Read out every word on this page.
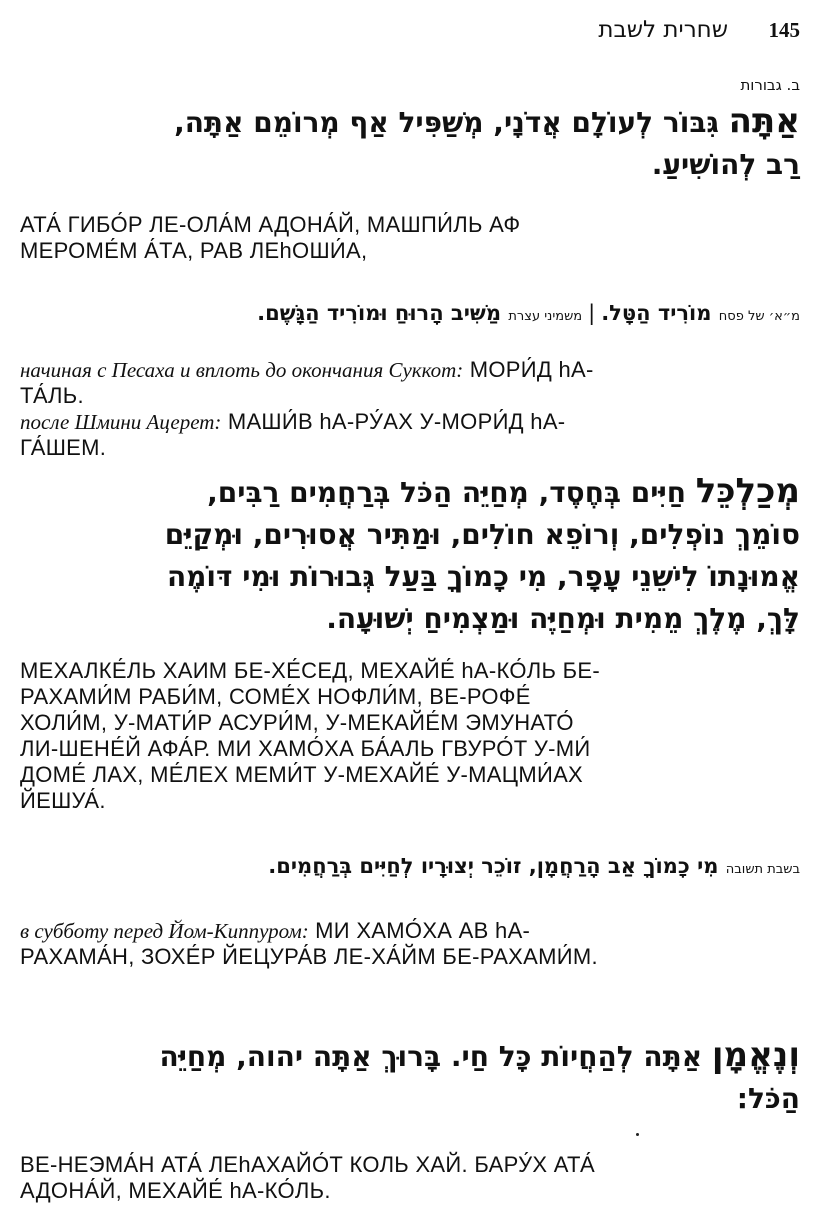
שחרית לשבת 145
ב. גבורות
אַתָּה גִּבּוֹר לְעוֹלָם אֲדֹנָי, מְשַׁפִּיל אַף מְרוֹמֵם אַתָּה,
רַב לְהוֹשִׁיעַ.
АТА́ ГИБО́Р ЛЕ-ОЛА́М АДОНА́Й, МАШПИ́ЛЬ АФ
МЕРОМЕ́М А́ТА, РАВ ЛЕhОШИ́А,
מ״א׳ של פסח מוֹרִיד הַטָּל.|משמיני עצרת מַשִּׁיב הָרוּחַ וּמוֹרִיד הַגָּשֶׁם.
начиная с Песаха и вплоть до окончания Суккот: МОРИ́Д hА-
ТА́ЛЬ.
после Шмини Ацерет: МАШИ́В hА-РУ́АХ У-МОРИ́Д hА-
ГА́ШЕМ.
מְכַלְכֵּל חַיִּים בְּחֶסֶד, מְחַיֵּה הַכֹּל בְּרַחֲמִים רַבִּים,
סוֹמֵךְ נוֹפְלִים, וְרוֹפֵא חוֹלִים, וּמַתִּיר אֲסוּרִים, וּמְקַיֵּם
אֱמוּנָתוֹ לִישֵׁנֵי עָפָר, מִי כָמוֹךָ בַּעַל גְּבוּרוֹת וּמִי דּוֹמֶה
לָּךְ, מֶלֶךְ מֵמִית וּמְחַיֶּה וּמַצְמִיחַ יְשׁוּעָה.
МЕХАЛКЕ́ЛЬ ХАИМ БЕ-ХЕ́СЕД, МЕХАЙЕ́ hА-КО́ЛЬ БЕ-
РАХАМИ́М РАБИ́М, СОМЕ́Х НОФЛИ́М, ВЕ-РОФЕ́
ХОЛИ́М, У-МАТИ́Р АСУРИ́М, У-МЕКАЙЕ́М ЭМУНАТО́
ЛИ-ШЕНЕ́Й АФА́Р. МИ ХАМО́ХА БА́АЛЬ ГВУРО́Т У-МИ́
ДОМЕ́ ЛАХ, МЕ́ЛЕХ МЕМИ́Т У-МЕХАЙЕ́ У-МАЦМИ́АХ
ЙЕШУА́.
בשבת תשובה מִי כָמוֹךָ אַב הָרַחֲמָן, זוֹכֵר יְצוּרָיו לְחַיִּים בְּרַחֲמִים.
в субботу перед Йом-Киппуром: МИ ХАМО́ХА АВ hА-
РАХАМА́Н, ЗОХЕ́Р ЙЕЦУРА́В ЛЕ-ХА́ЙМ БЕ-РАХАМИ́М.
וְנֶאֱמָן אַתָּה לְהַחֲיוֹת כָּל חַי. בָּרוּךְ אַתָּה יהוה, מְחַיֵּה
הַכֹּל:
ВЕ-НЕЭМА́Н АТА́ ЛЕhАХАЙО́Т КОЛЬ ХАЙ. БАРУ́Х АТА́
АДОНА́Й, МЕХАЙЕ́ hА-КО́ЛЬ.
